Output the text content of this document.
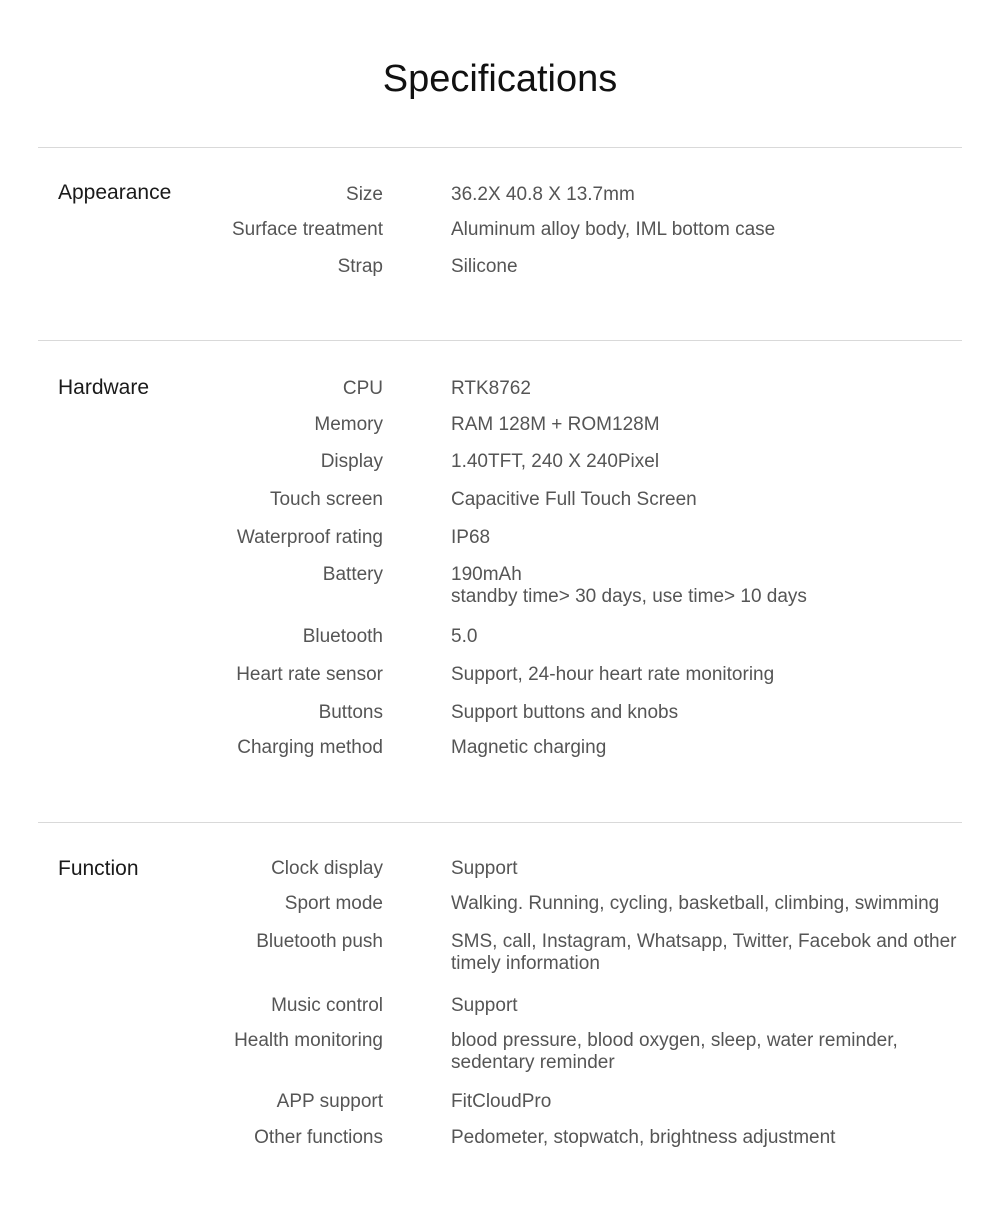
Specifications
Appearance	Size	36.2X 40.8 X 13.7mm
Surface treatment	Aluminum alloy body, IML bottom case
Strap	Silicone
Hardware	CPU	RTK8762
Memory	RAM 128M + ROM128M
Display	1.40TFT, 240 X 240Pixel
Touch screen	Capacitive Full Touch Screen
Waterproof rating	IP68
Battery	190mAh
standby time> 30 days, use time> 10 days
Bluetooth	5.0
Heart rate sensor	Support, 24-hour heart rate monitoring
Buttons	Support buttons and knobs
Charging method	Magnetic charging
Function	Clock display	Support
Sport mode	Walking. Running, cycling, basketball, climbing, swimming
Bluetooth push	SMS, call, Instagram, Whatsapp, Twitter, Facebok and other
timely information
Music control	Support
Health monitoring	blood pressure, blood oxygen, sleep, water reminder,
sedentary reminder
APP support	FitCloudPro
Other functions	Pedometer, stopwatch, brightness adjustment
